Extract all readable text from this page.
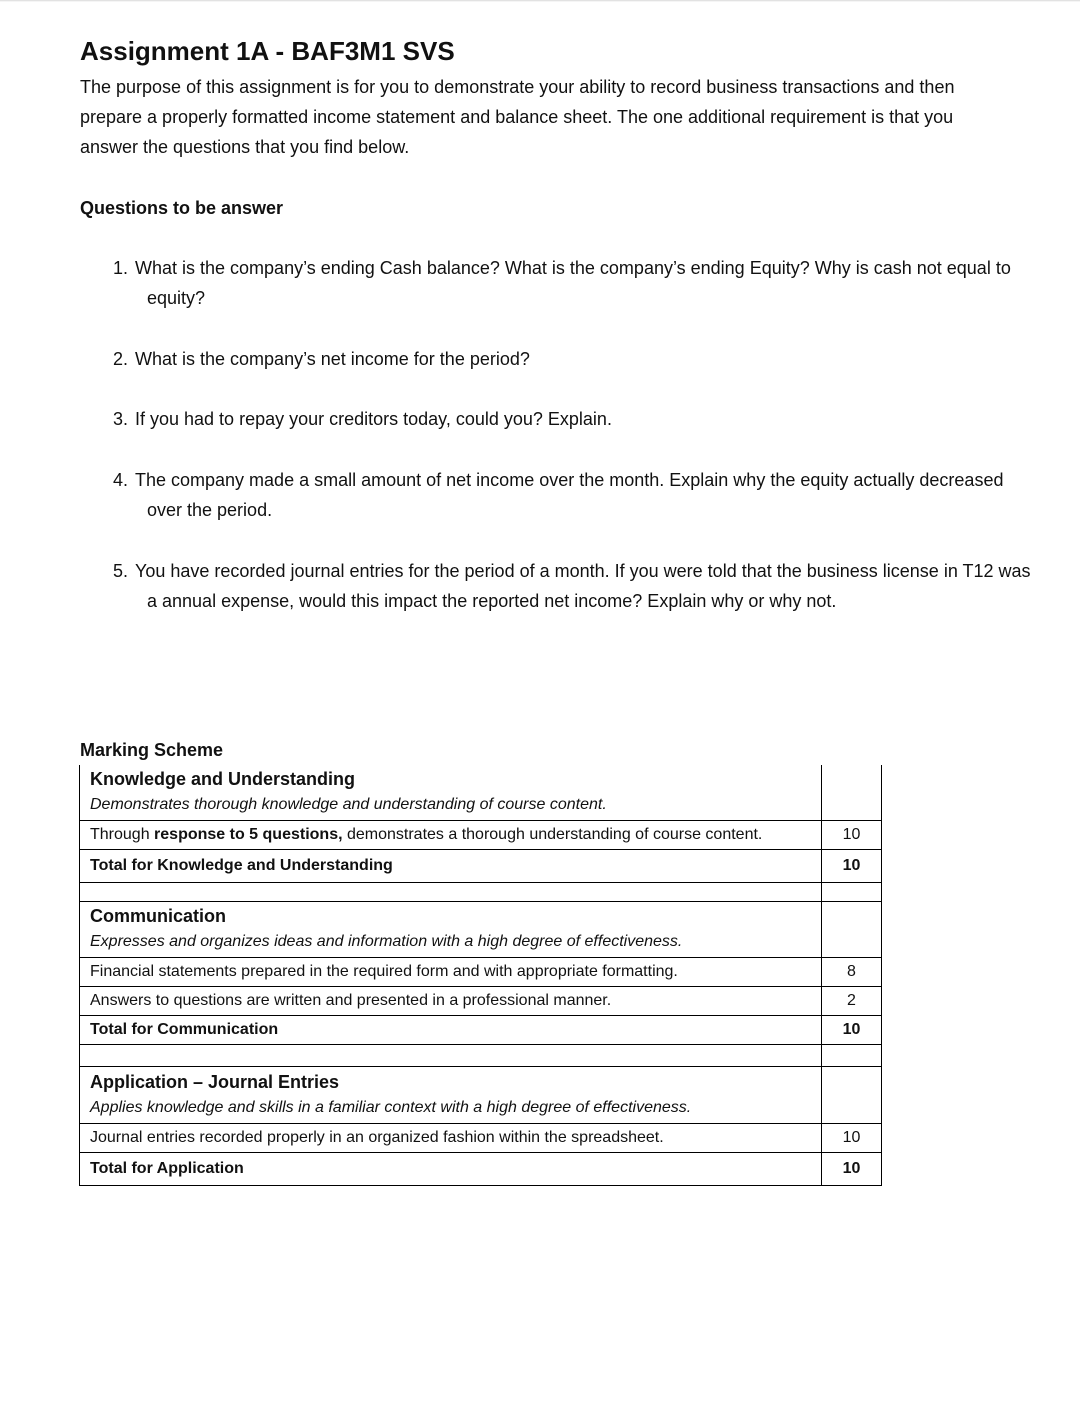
Assignment 1A - BAF3M1 SVS

The purpose of this assignment is for you to demonstrate your ability to record business transactions and then prepare a properly formatted income statement and balance sheet. The one additional requirement is that you answer the questions that you find below.

Questions to be answer

1. What is the company’s ending Cash balance? What is the company’s ending Equity? Why is cash not equal to equity?

2. What is the company’s net income for the period?

3. If you had to repay your creditors today, could you? Explain.

4. The company made a small amount of net income over the month. Explain why the equity actually decreased over the period.

5. You have recorded journal entries for the period of a month. If you were told that the business license in T12 was a annual expense, would this impact the reported net income? Explain why or why not.

Marking Scheme

Knowledge and Understanding
Demonstrates thorough knowledge and understanding of course content.	

Through response to 5 questions, demonstrates a thorough understanding of course content.	10
Total for Knowledge and Understanding	10

Communication
Expresses and organizes ideas and information with a high degree of effectiveness.	

Financial statements prepared in the required form and with appropriate formatting.	8
Answers to questions are written and presented in a professional manner.	2
Total for Communication	10

Application – Journal Entries
Applies knowledge and skills in a familiar context with a high degree of effectiveness.	

Journal entries recorded properly in an organized fashion within the spreadsheet.	10
Total for Application	10
